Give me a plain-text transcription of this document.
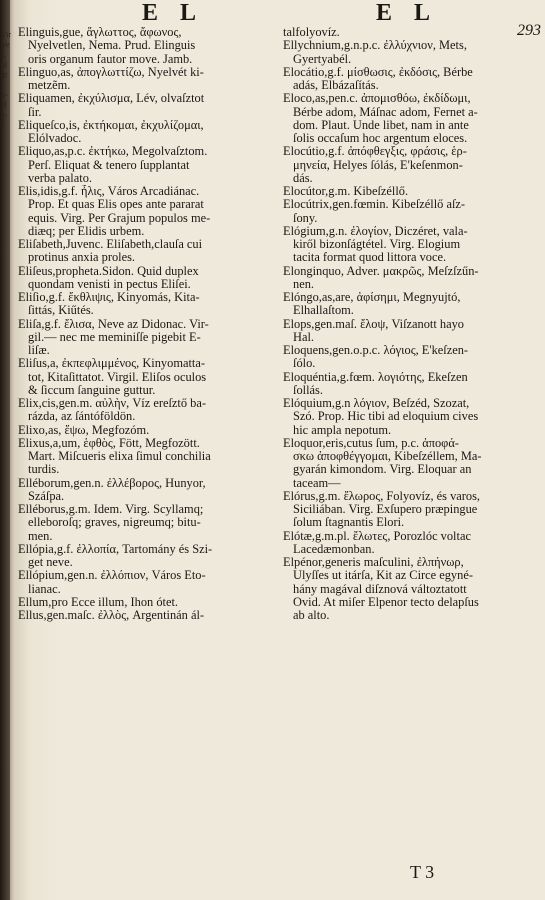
Vir
Ve
s,
ol
gr
l
n-
el
z-
e
.
E L	E L
293
Elinguis,gue, ἄγλωττος, ἄφωνος,
Nyelvetlen, Nema. Prud. Elinguis
oris organum fautor move. Jamb.
Elinguo,as, ἀπογλωττίζω, Nyelvét ki-
metzẽm.
Eliquamen, ἐκχύλισμα, Lév, olvaſztot
ſir.
Eliqueſco,is, ἐκτήκομαι, ἐκχυλίζομαι,
Elólvadoc.
Eliquo,as,p.c. ἐκτήκω, Megolvaſztom.
Perſ. Eliquat & tenero ſupplantat
verba palato.
Elis,idis,g.f. ἦλις, Város Arcadiánac.
Prop. Et quas Elis opes ante pararat
equis. Virg. Per Grajum populos me-
diæq; per Elidis urbem.
Eliſabeth,Juvenc. Eliſabeth,clauſa cui
protinus anxia proles.
Eliſeus,propheta.Sidon. Quid duplex
quondam venisti in pectus Eliſei.
Eliſio,g.f. ἔκθλιψις, Kinyomás, Kita-
ſittás, Kiűtés.
Eliſa,g.f. ἔλισα, Neve az Didonac. Vir-
gil.— nec me meminiſſe pigebit E-
liſæ.
Eliſus,a, ἐκπεφλιμμένος, Kinyomatta-
tot, Kitaſittatot. Virgil. Eliſos oculos
& ſiccum ſanguine guttur.
Elix,cis,gen.m. αὐλὴν, Víz ereſztő ba-
rázda, az ſántóföldön.
Elixo,as, ἕψω, Megfozóm.
Elixus,a,um, ἑφθὸς, Fött, Megfozött.
Mart. Miſcueris elixa ſimul conchilia
turdis.
Elléborum,gen.n. ἐλλέβορος, Hunyor,
Száſpa.
Elléborus,g.m. Idem. Virg. Scyllamq;
elleboroſq; graves, nigreumq; bitu-
men.
Ellópia,g.f. ἐλλοπία, Tartomány és Szi-
get neve.
Ellópium,gen.n. ἐλλόπιον, Város Eto-
lianac.
Ellum,pro Ecce illum, Ihon ótet.
Ellus,gen.maſc. ἐλλὸς, Argentinán ál-
talfolyovíz.
Ellychnium,g.n.p.c. ἐλλύχνιον, Mets,
Gyertyabél.
Elocátio,g.f. μίσθωσις, ἐκδόσις, Bérbe
adás, Elbázaſítás.
Eloco,as,pen.c. ἀπομισθόω, ἐκδίδωμι,
Bérbe adom, Máſnac adom, Fernet a-
dom. Plaut. Unde libet, nam in ante
ſolis occaſum hoc argentum eloces.
Elocútio,g.f. ἀπόφθεγξις, φράσις, ἑρ-
μηνεία, Helyes ſólás, E'keſenmon-
dás.
Elocútor,g.m. Kibeſzéllő.
Elocútrix,gen.fœmin. Kibeſzéllő aſz-
ſony.
Elógium,g.n. ἐλογίον, Diczéret, vala-
kiről bizonſágtétel. Virg. Elogium
tacita format quod littora voce.
Elonginquo, Adver. μακρῶς, Meſzſzűn-
nen.
Elóngo,as,are, ἀφίσημι, Megnyujtó,
Elhallaſtom.
Elops,gen.maſ. ἔλοψ, Viſzanott hayo
Hal.
Eloquens,gen.o.p.c. λόγιος, E'keſzen-
ſólo.
Eloquéntia,g.fœm. λογιότης, Ekeſzen
ſollás.
Elóquium,g.n λόγιον, Beſzéd, Szozat,
Szó. Prop. Hic tibi ad eloquium cives
hic ampla nepotum.
Eloquor,eris,cutus ſum, p.c. ἀποφά-
σκω ἀποφθέγγομαι, Kibeſzéllem, Ma-
gyarán kimondom. Virg. Eloquar an
taceam—
Elórus,g.m. ἔλωρος, Folyovíz, és varos,
Siciliában. Virg. Exſupero præpingue
ſolum ſtagnantis Elori.
Elótæ,g.m.pl. ἔλωτες, Porozlóc voltac
Lacedæmonban.
Elpénor,generis maſculini, ἐλπήνωρ,
Ulyſſes ut itárſa, Kit az Circe egyné-
hány magával diſznová változtatott
Ovid. At miſer Elpenor tecto delapſus
ab alto.
T 3
